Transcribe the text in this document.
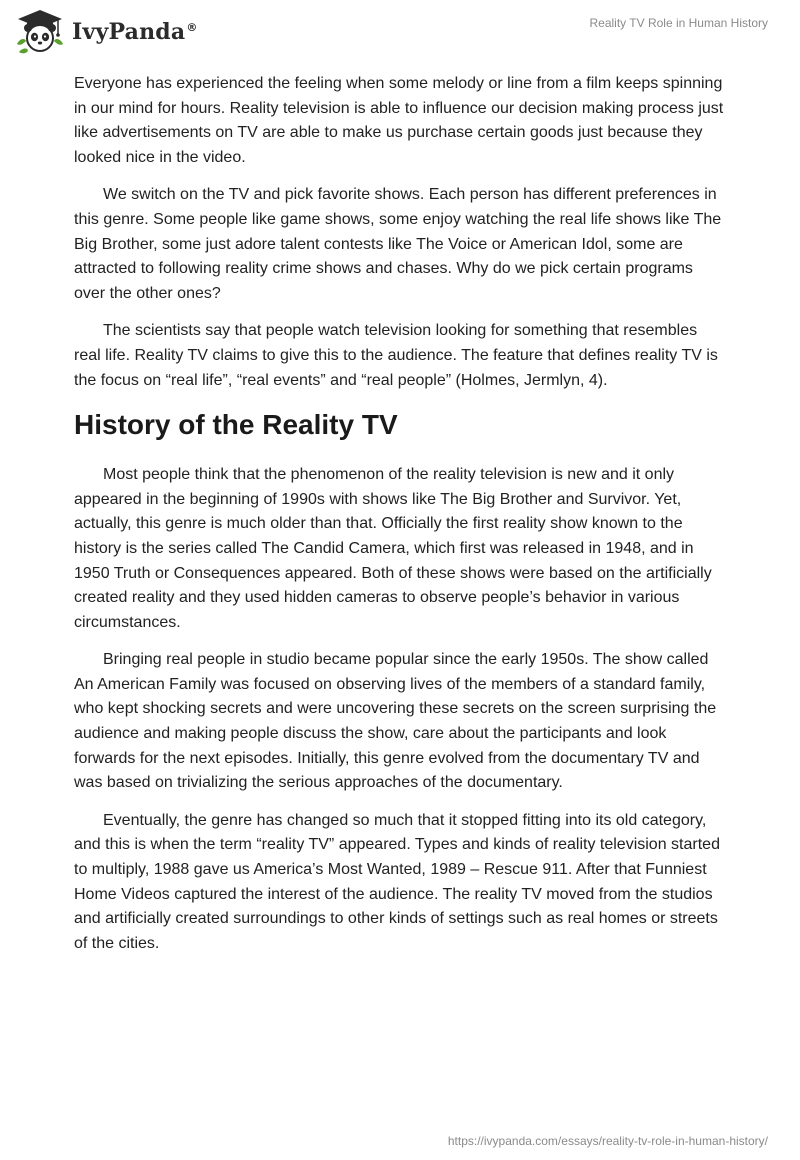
IvyPanda®	Reality TV Role in Human History

Everyone has experienced the feeling when some melody or line from a film keeps spinning in our mind for hours. Reality television is able to influence our decision making process just like advertisements on TV are able to make us purchase certain goods just because they looked nice in the video.

We switch on the TV and pick favorite shows. Each person has different preferences in this genre. Some people like game shows, some enjoy watching the real life shows like The Big Brother, some just adore talent contests like The Voice or American Idol, some are attracted to following reality crime shows and chases. Why do we pick certain programs over the other ones?

The scientists say that people watch television looking for something that resembles real life. Reality TV claims to give this to the audience. The feature that defines reality TV is the focus on “real life”, “real events” and “real people” (Holmes, Jermlyn, 4).

History of the Reality TV

Most people think that the phenomenon of the reality television is new and it only appeared in the beginning of 1990s with shows like The Big Brother and Survivor. Yet, actually, this genre is much older than that. Officially the first reality show known to the history is the series called The Candid Camera, which first was released in 1948, and in 1950 Truth or Consequences appeared. Both of these shows were based on the artificially created reality and they used hidden cameras to observe people’s behavior in various circumstances.

Bringing real people in studio became popular since the early 1950s. The show called An American Family was focused on observing lives of the members of a standard family, who kept shocking secrets and were uncovering these secrets on the screen surprising the audience and making people discuss the show, care about the participants and look forwards for the next episodes. Initially, this genre evolved from the documentary TV and was based on trivializing the serious approaches of the documentary.

Eventually, the genre has changed so much that it stopped fitting into its old category, and this is when the term “reality TV” appeared. Types and kinds of reality television started to multiply, 1988 gave us America’s Most Wanted, 1989 – Rescue 911. After that Funniest Home Videos captured the interest of the audience. The reality TV moved from the studios and artificially created surroundings to other kinds of settings such as real homes or streets of the cities.

https://ivypanda.com/essays/reality-tv-role-in-human-history/
